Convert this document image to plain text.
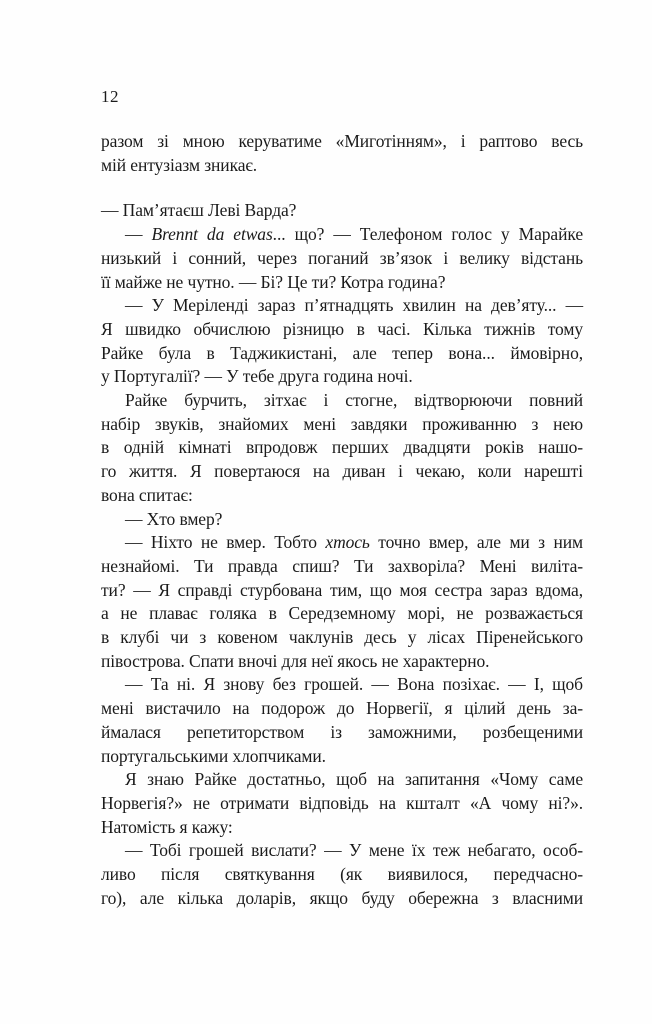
12

разом зі мною керуватиме «Миготінням», і раптово весь
мій ентузіазм зникає.

— Пам’ятаєш Леві Варда?

— Brennt da etwas... що? — Телефоном голос у Марайке
низький і сонний, через поганий зв’язок і велику відстань
її майже не чутно. — Бі? Це ти? Котра година?

— У Меріленді зараз п’ятнадцять хвилин на дев’яту... —
Я швидко обчислюю різницю в часі. Кілька тижнів тому
Райке була в Таджикистані, але тепер вона... ймовірно,
у Португалії? — У тебе друга година ночі.

Райке бурчить, зітхає і стогне, відтворюючи повний
набір звуків, знайомих мені завдяки проживанню з нею
в одній кімнаті впродовж перших двадцяти років нашо-
го життя. Я повертаюся на диван і чекаю, коли нарешті
вона спитає:

— Хто вмер?

— Ніхто не вмер. Тобто хтось точно вмер, але ми з ним
незнайомі. Ти правда спиш? Ти захворіла? Мені виліта-
ти? — Я справді стурбована тим, що моя сестра зараз вдома,
а не плаває голяка в Середземному морі, не розважається
в клубі чи з ковеном чаклунів десь у лісах Піренейського
півострова. Спати вночі для неї якось не характерно.

— Та ні. Я знову без грошей. — Вона позіхає. — І, щоб
мені вистачило на подорож до Норвегії, я цілий день за-
ймалася репетиторством із заможними, розбещеними
португальськими хлопчиками.

Я знаю Райке достатньо, щоб на запитання «Чому саме
Норвегія?» не отримати відповідь на кшталт «А чому ні?».
Натомість я кажу:

— Тобі грошей вислати? — У мене їх теж небагато, особ-
ливо після святкування (як виявилося, передчасно-
го), але кілька доларів, якщо буду обережна з власними
